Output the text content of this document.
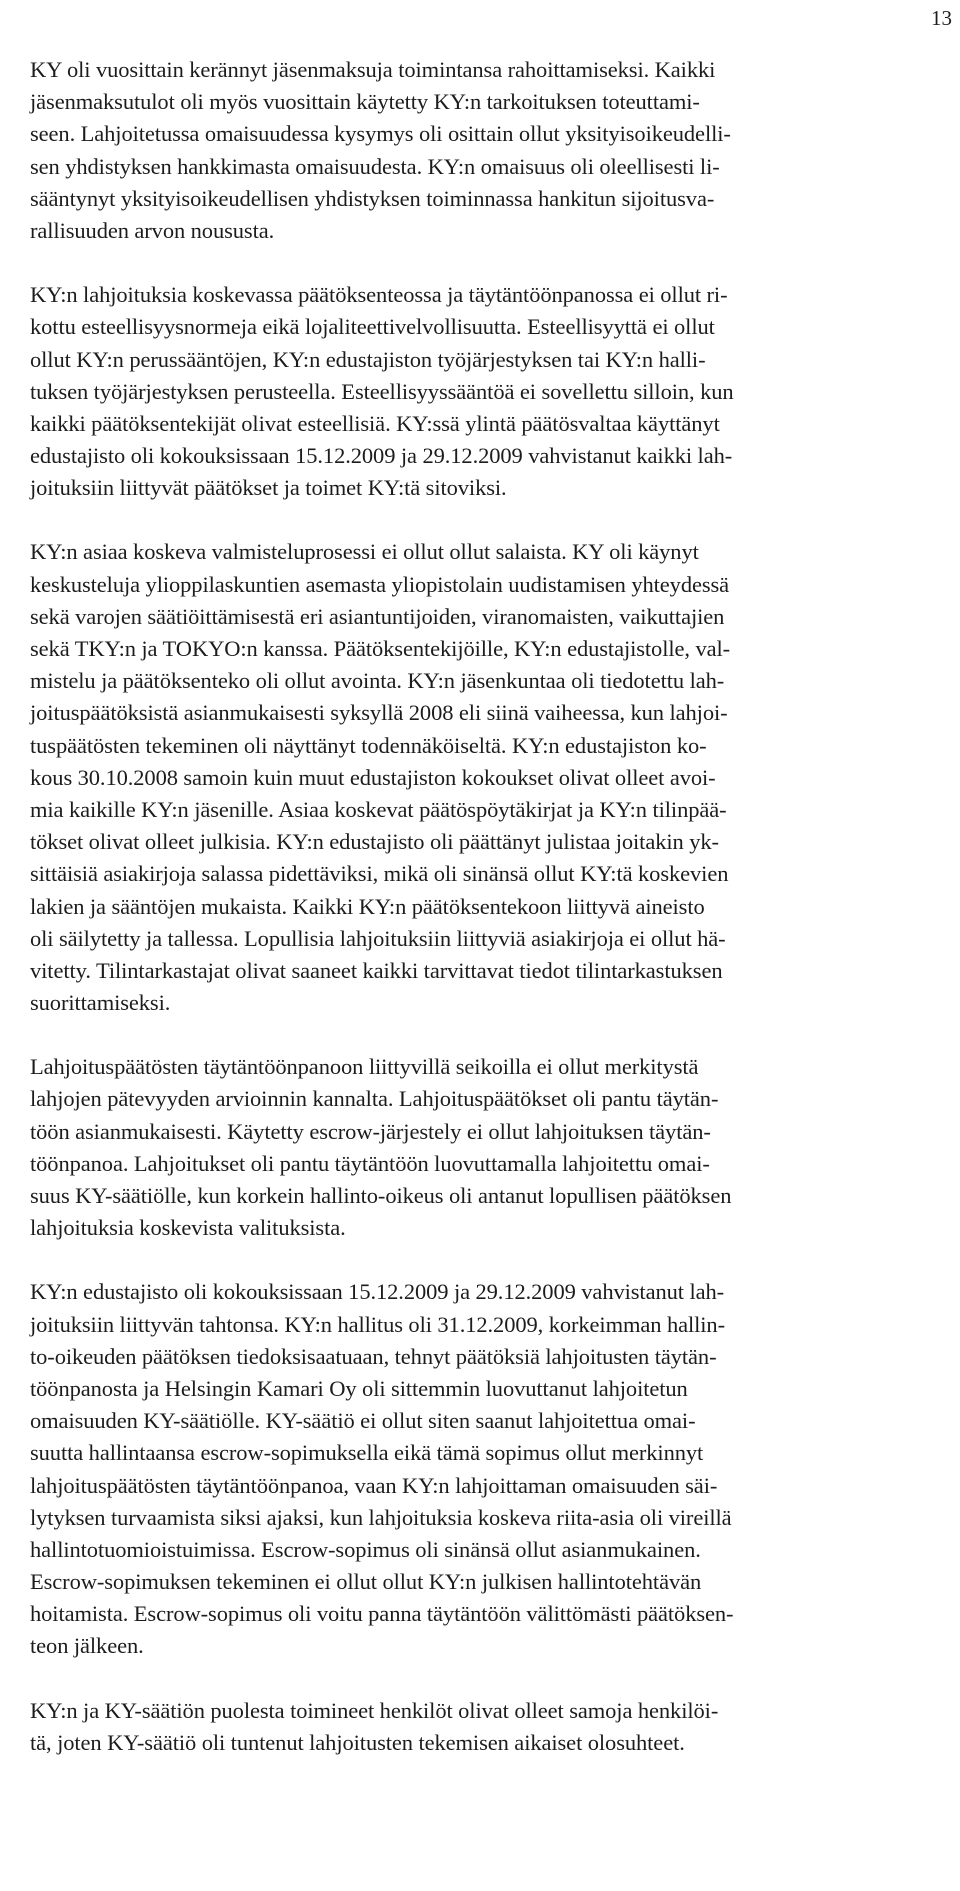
13
KY oli vuosittain kerännyt jäsenmaksuja toimintansa rahoittamiseksi. Kaikki
jäsenmaksutulot oli myös vuosittain käytetty KY:n tarkoituksen toteuttami-
seen. Lahjoitetussa omaisuudessa kysymys oli osittain ollut yksityisoikeudelli-
sen yhdistyksen hankkimasta omaisuudesta. KY:n omaisuus oli oleellisesti li-
sääntynyt yksityisoikeudellisen yhdistyksen toiminnassa hankitun sijoitusva-
rallisuuden arvon noususta.
KY:n lahjoituksia koskevassa päätöksenteossa ja täytäntöönpanossa ei ollut ri-
kottu esteellisyysnormeja eikä lojaliteettivelvollisuutta. Esteellisyyttä ei ollut
ollut KY:n perussääntöjen, KY:n edustajiston työjärjestyksen tai KY:n halli-
tuksen työjärjestyksen perusteella. Esteellisyyssääntöä ei sovellettu silloin, kun
kaikki päätöksentekijät olivat esteellisiä. KY:ssä ylintä päätösvaltaa käyttänyt
edustajisto oli kokouksissaan 15.12.2009 ja 29.12.2009 vahvistanut kaikki lah-
joituksiin liittyvät päätökset ja toimet KY:tä sitoviksi.
KY:n asiaa koskeva valmisteluprosessi ei ollut ollut salaista. KY oli käynyt
keskusteluja ylioppilaskuntien asemasta yliopistolain uudistamisen yhteydessä
sekä varojen säätiöittämisestä eri asiantuntijoiden, viranomaisten, vaikuttajien
sekä TKY:n ja TOKYO:n kanssa. Päätöksentekijöille, KY:n edustajistolle, val-
mistelu ja päätöksenteko oli ollut avointa. KY:n jäsenkuntaa oli tiedotettu lah-
joituspäätöksistä asianmukaisesti syksyllä 2008 eli siinä vaiheessa, kun lahjoi-
tuspäätösten tekeminen oli näyttänyt todennäköiseltä. KY:n edustajiston ko-
kous 30.10.2008 samoin kuin muut edustajiston kokoukset olivat olleet avoi-
mia kaikille KY:n jäsenille. Asiaa koskevat päätöspöytäkirjat ja KY:n tilinpää-
tökset olivat olleet julkisia. KY:n edustajisto oli päättänyt julistaa joitakin yk-
sittäisiä asiakirjoja salassa pidettäviksi, mikä oli sinänsä ollut KY:tä koskevien
lakien ja sääntöjen mukaista. Kaikki KY:n päätöksentekoon liittyvä aineisto
oli säilytetty ja tallessa. Lopullisia lahjoituksiin liittyviä asiakirjoja ei ollut hä-
vitetty. Tilintarkastajat olivat saaneet kaikki tarvittavat tiedot tilintarkastuksen
suorittamiseksi.
Lahjoituspäätösten täytäntöönpanoon liittyvillä seikoilla ei ollut merkitystä
lahjojen pätevyyden arvioinnin kannalta. Lahjoituspäätökset oli pantu täytän-
töön asianmukaisesti. Käytetty escrow-järjestely ei ollut lahjoituksen täytän-
töönpanoa. Lahjoitukset oli pantu täytäntöön luovuttamalla lahjoitettu omai-
suus KY-säätiölle, kun korkein hallinto-oikeus oli antanut lopullisen päätöksen
lahjoituksia koskevista valituksista.
KY:n edustajisto oli kokouksissaan 15.12.2009 ja 29.12.2009 vahvistanut lah-
joituksiin liittyvän tahtonsa. KY:n hallitus oli 31.12.2009, korkeimman hallin-
to-oikeuden päätöksen tiedoksisaatuaan, tehnyt päätöksiä lahjoitusten täytän-
töönpanosta ja Helsingin Kamari Oy oli sittemmin luovuttanut lahjoitetun
omaisuuden KY-säätiölle. KY-säätiö ei ollut siten saanut lahjoitettua omai-
suutta hallintaansa escrow-sopimuksella eikä tämä sopimus ollut merkinnyt
lahjoituspäätösten täytäntöönpanoa, vaan KY:n lahjoittaman omaisuuden säi-
lytyksen turvaamista siksi ajaksi, kun lahjoituksia koskeva riita-asia oli vireillä
hallintotuomioistuimissa. Escrow-sopimus oli sinänsä ollut asianmukainen.
Escrow-sopimuksen tekeminen ei ollut ollut KY:n julkisen hallintotehtävän
hoitamista. Escrow-sopimus oli voitu panna täytäntöön välittömästi päätöksen-
teon jälkeen.
KY:n ja KY-säätiön puolesta toimineet henkilöt olivat olleet samoja henkilöi-
tä, joten KY-säätiö oli tuntenut lahjoitusten tekemisen aikaiset olosuhteet.
